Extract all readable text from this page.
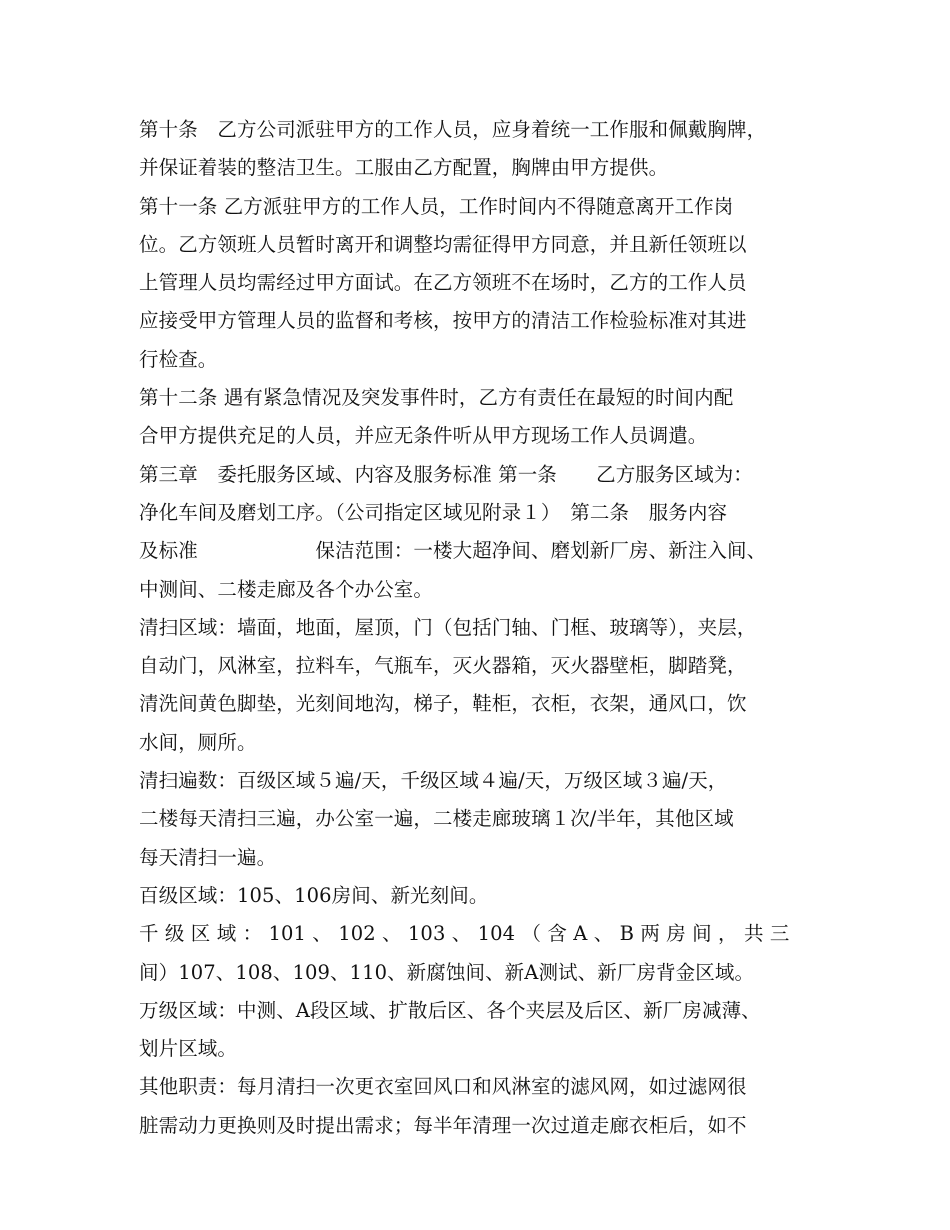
第十条　乙方公司派驻甲方的工作人员，应身着统一工作服和佩戴胸牌，
并保证着装的整洁卫生。工服由乙方配置，胸牌由甲方提供。
第十一条 乙方派驻甲方的工作人员，工作时间内不得随意离开工作岗
位。乙方领班人员暂时离开和调整均需征得甲方同意，并且新任领班以
上管理人员均需经过甲方面试。在乙方领班不在场时，乙方的工作人员
应接受甲方管理人员的监督和考核，按甲方的清洁工作检验标准对其进
行检查。
第十二条 遇有紧急情况及突发事件时，乙方有责任在最短的时间内配
合甲方提供充足的人员，并应无条件听从甲方现场工作人员调遣。
第三章　委托服务区域、内容及服务标准 第一条　　乙方服务区域为：
净化车间及磨划工序。（公司指定区域见附录１）　第二条　服务内容
及标准　　　　　　保洁范围：一楼大超净间、磨划新厂房、新注入间、
中测间、二楼走廊及各个办公室。
清扫区域：墙面，地面，屋顶，门（包括门轴、门框、玻璃等），夹层，
自动门，风淋室，拉料车，气瓶车，灭火器箱，灭火器壁柜，脚踏凳，
清洗间黄色脚垫，光刻间地沟，梯子，鞋柜，衣柜，衣架，通风口，饮
水间，厕所。
清扫遍数：百级区域５遍/天，千级区域４遍/天，万级区域３遍/天，
二楼每天清扫三遍，办公室一遍，二楼走廊玻璃１次/半年，其他区域
每天清扫一遍。
百级区域：105、106房间、新光刻间。
千 级 区 域 ： 101 、 102 、 103 、 104 （ 含 A 、 B 两 房 间 ， 共 三
间）107、108、109、110、新腐蚀间、新A测试、新厂房背金区域。
万级区域：中测、A段区域、扩散后区、各个夹层及后区、新厂房减薄、
划片区域。
其他职责：每月清扫一次更衣室回风口和风淋室的滤风网，如过滤网很
脏需动力更换则及时提出需求；每半年清理一次过道走廊衣柜后，如不
